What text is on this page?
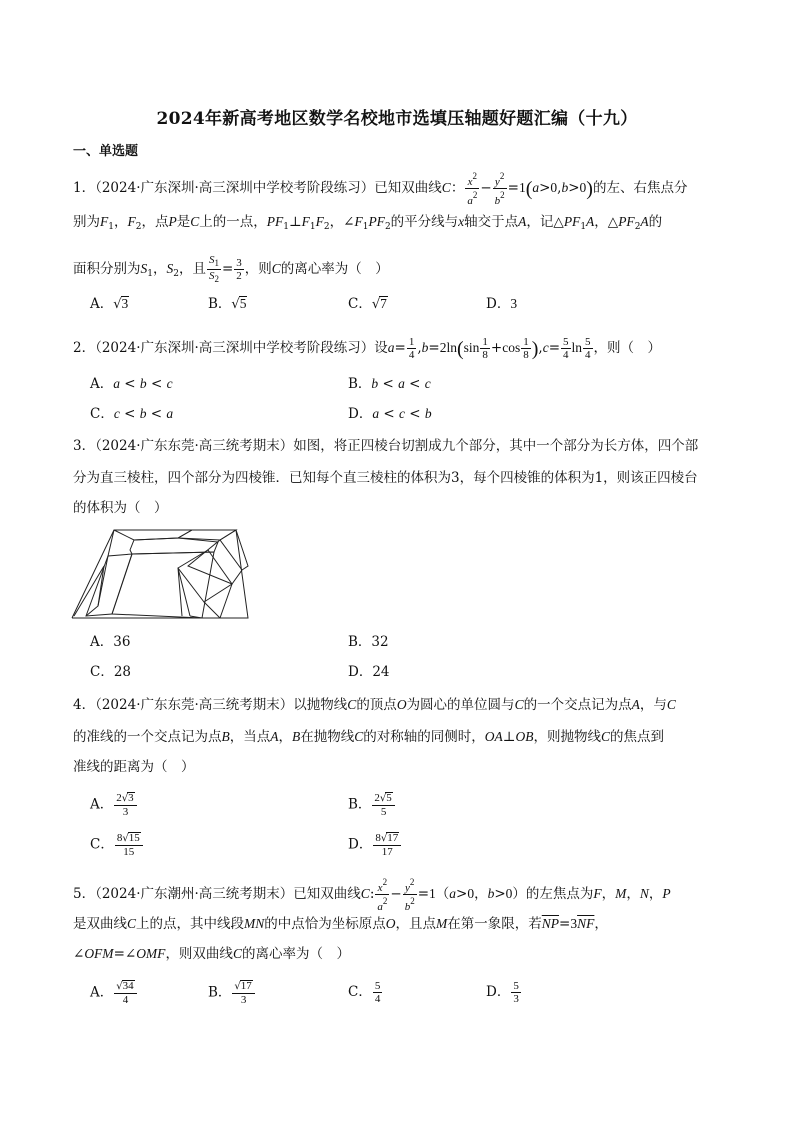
2024年新高考地区数学名校地市选填压轴题好题汇编（十九）
一、单选题
1．（2024·广东深圳·高三深圳中学校考阶段练习）已知双曲线C： $\frac{x^2}{a^2} - \frac{y^2}{b^2} =1(a>0,b>0)$的左、右焦点分
别为$F_1$，$F_2$，点P是C上的一点，$PF_1\perp F_1F_2$，$\angle F_1PF_2$的平分线与x轴交于点A，记$\triangle PF_1A$，$\triangle PF_2A$的
面积分别为$S_1$，$S_2$，且 $\frac{S_1}{S_2} = \frac{3}{2}$ ，则C的离心率为（　）
A．√3	B．√5	C．√7	D．3
2．（2024·广东深圳·高三深圳中学校考阶段练习）设$a= \frac{1}{4} ,b=2\ln(\sin \frac{1}{8} +\cos \frac{1}{8} ),c= \frac{5}{4}$ $\ln \frac{5}{4}$ ，则（　）
A．a < b < c	B．b < a < c
C．c < b < a	D．a < c < b
3．（2024·广东东莞·高三统考期末）如图，将正四棱台切割成九个部分，其中一个部分为长方体，四个部
分为直三棱柱，四个部分为四棱锥．已知每个直三棱柱的体积为3，每个四棱锥的体积为1，则该正四棱台
的体积为（　）
A．36	B．32
C．28	D．24
4．（2024·广东东莞·高三统考期末）以抛物线C的顶点O为圆心的单位圆与C的一个交点记为点A，与C
的准线的一个交点记为点B，当点A，B在抛物线C的对称轴的同侧时，OA⊥OB，则抛物线C的焦点到
准线的距离为（　）
A． $\frac{2√3}{3}$	B． $\frac{2√5}{5}$
C． $\frac{8√15}{15}$	D． $\frac{8√17}{17}$
5．（2024·广东潮州·高三统考期末）已知双曲线C: $\frac{x^2}{a^2} - \frac{y^2}{b^2} =1(a>0$，b>0）的左焦点为F，M，N，P
是双曲线C上的点，其中线段MN的中点恰为坐标原点O，且点M在第一象限，若$\overline{NP}=3\overline{NF}$，
∠OFM=∠OMF，则双曲线C的离心率为（　）
A． $\frac{√34}{4}$	B． $\frac{√17}{3}$	C． $\frac{5}{4}$	D． $\frac{5}{3}$
